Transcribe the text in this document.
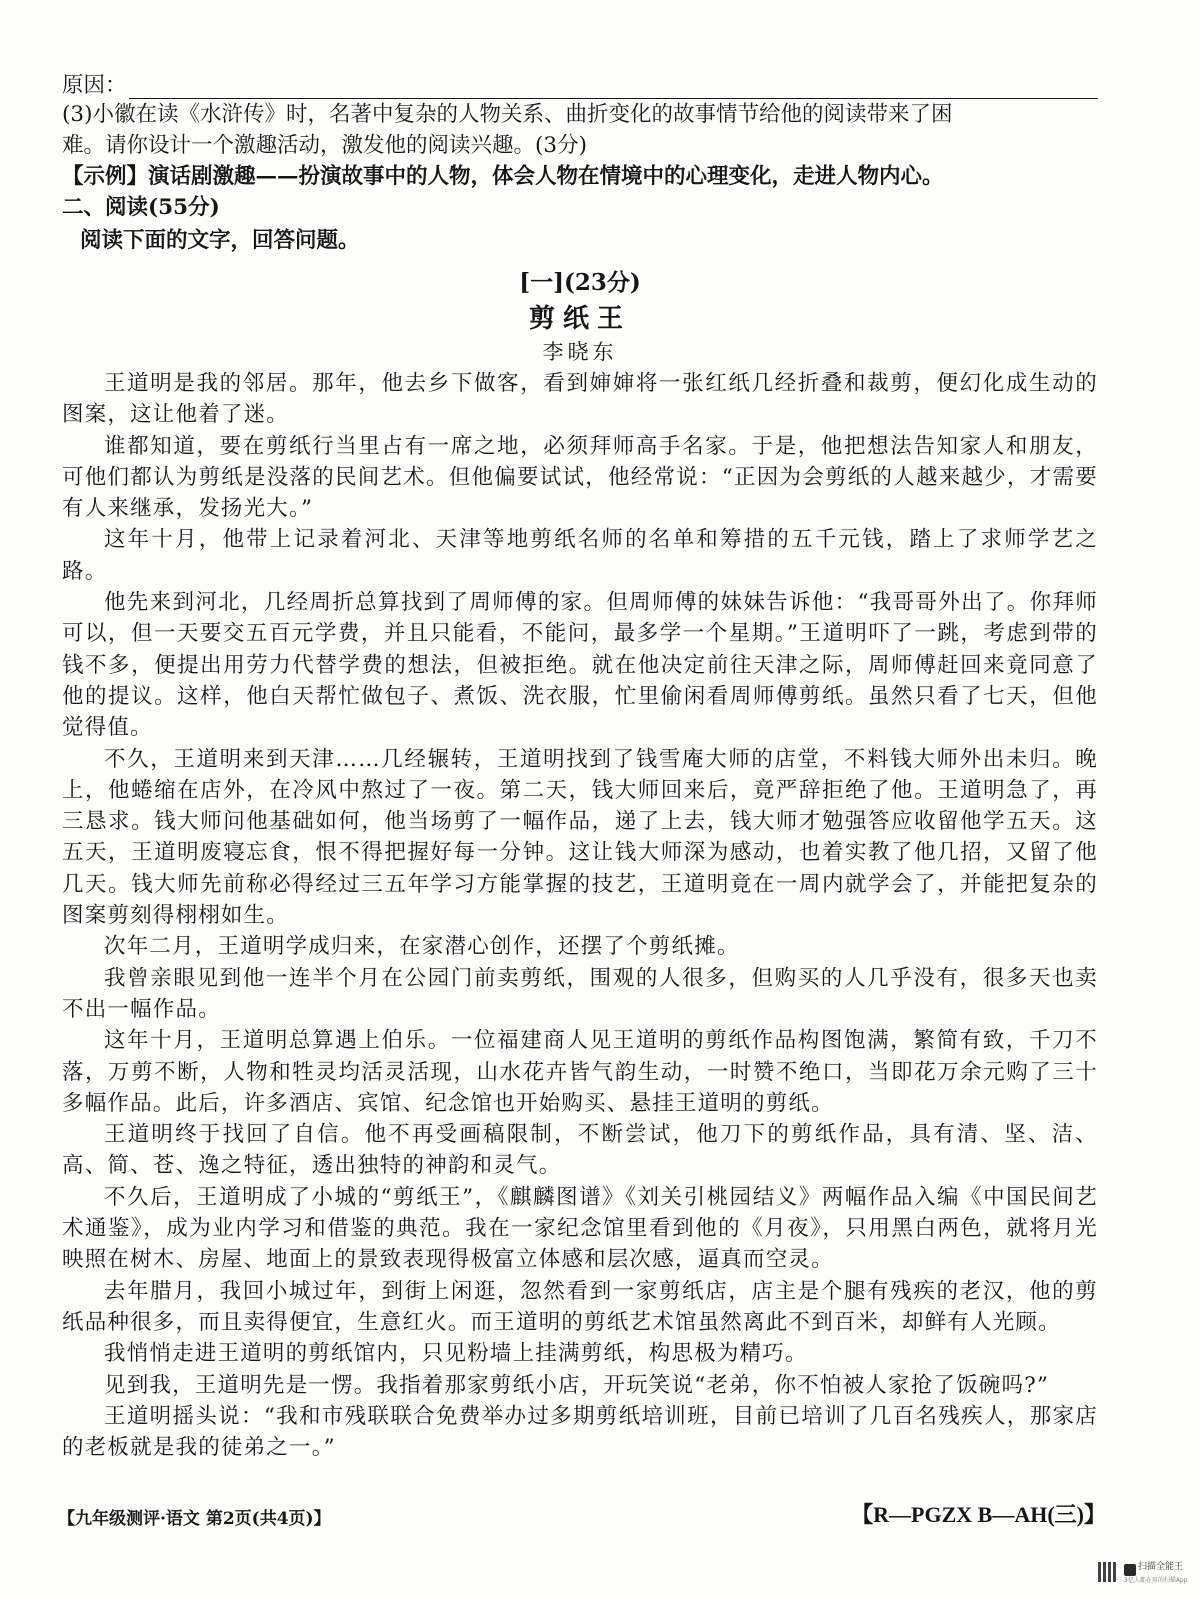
原因：
(3)小徽在读《水浒传》时，名著中复杂的人物关系、曲折变化的故事情节给他的阅读带来了困
难。请你设计一个激趣活动，激发他的阅读兴趣。(3分)
【示例】演话剧激趣——扮演故事中的人物，体会人物在情境中的心理变化，走进人物内心。
二、阅读(55分)
阅读下面的文字，回答问题。
[一](23分)
剪纸王
李晓东

王道明是我的邻居。那年，他去乡下做客，看到婶婶将一张红纸几经折叠和裁剪，便幻化成生动的图案，这让他着了迷。

谁都知道，要在剪纸行当里占有一席之地，必须拜师高手名家。于是，他把想法告知家人和朋友，可他们都认为剪纸是没落的民间艺术。但他偏要试试，他经常说：“正因为会剪纸的人越来越少，才需要有人来继承，发扬光大。”

这年十月，他带上记录着河北、天津等地剪纸名师的名单和筹措的五千元钱，踏上了求师学艺之路。

他先来到河北，几经周折总算找到了周师傅的家。但周师傅的妹妹告诉他：“我哥哥外出了。你拜师可以，但一天要交五百元学费，并且只能看，不能问，最多学一个星期。”王道明吓了一跳，考虑到带的钱不多，便提出用劳力代替学费的想法，但被拒绝。就在他决定前往天津之际，周师傅赶回来竟同意了他的提议。这样，他白天帮忙做包子、煮饭、洗衣服，忙里偷闲看周师傅剪纸。虽然只看了七天，但他觉得值。

不久，王道明来到天津……几经辗转，王道明找到了钱雪庵大师的店堂，不料钱大师外出未归。晚上，他蜷缩在店外，在冷风中熬过了一夜。第二天，钱大师回来后，竟严辞拒绝了他。王道明急了，再三恳求。钱大师问他基础如何，他当场剪了一幅作品，递了上去，钱大师才勉强答应收留他学五天。这五天，王道明废寝忘食，恨不得把握好每一分钟。这让钱大师深为感动，也着实教了他几招，又留了他几天。钱大师先前称必得经过三五年学习方能掌握的技艺，王道明竟在一周内就学会了，并能把复杂的图案剪刻得栩栩如生。

次年二月，王道明学成归来，在家潜心创作，还摆了个剪纸摊。

我曾亲眼见到他一连半个月在公园门前卖剪纸，围观的人很多，但购买的人几乎没有，很多天也卖不出一幅作品。

这年十月，王道明总算遇上伯乐。一位福建商人见王道明的剪纸作品构图饱满，繁简有致，千刀不落，万剪不断，人物和牲灵均活灵活现，山水花卉皆气韵生动，一时赞不绝口，当即花万余元购了三十多幅作品。此后，许多酒店、宾馆、纪念馆也开始购买、悬挂王道明的剪纸。

王道明终于找回了自信。他不再受画稿限制，不断尝试，他刀下的剪纸作品，具有清、坚、洁、高、简、苍、逸之特征，透出独特的神韵和灵气。

不久后，王道明成了小城的“剪纸王”，《麒麟图谱》《刘关引桃园结义》两幅作品入编《中国民间艺术通鉴》，成为业内学习和借鉴的典范。我在一家纪念馆里看到他的《月夜》，只用黑白两色，就将月光映照在树木、房屋、地面上的景致表现得极富立体感和层次感，逼真而空灵。

去年腊月，我回小城过年，到街上闲逛，忽然看到一家剪纸店，店主是个腿有残疾的老汉，他的剪纸品种很多，而且卖得便宜，生意红火。而王道明的剪纸艺术馆虽然离此不到百米，却鲜有人光顾。

我悄悄走进王道明的剪纸馆内，只见粉墙上挂满剪纸，构思极为精巧。

见到我，王道明先是一愣。我指着那家剪纸小店，开玩笑说“老弟，你不怕被人家抢了饭碗吗?”

王道明摇头说：“我和市残联联合免费举办过多期剪纸培训班，目前已培训了几百名残疾人，那家店的老板就是我的徒弟之一。”

【九年级测评·语文 第2页(共4页)】	【R—PGZX B—AH(三)】
扫描全能王
3亿人都在用的扫描App
